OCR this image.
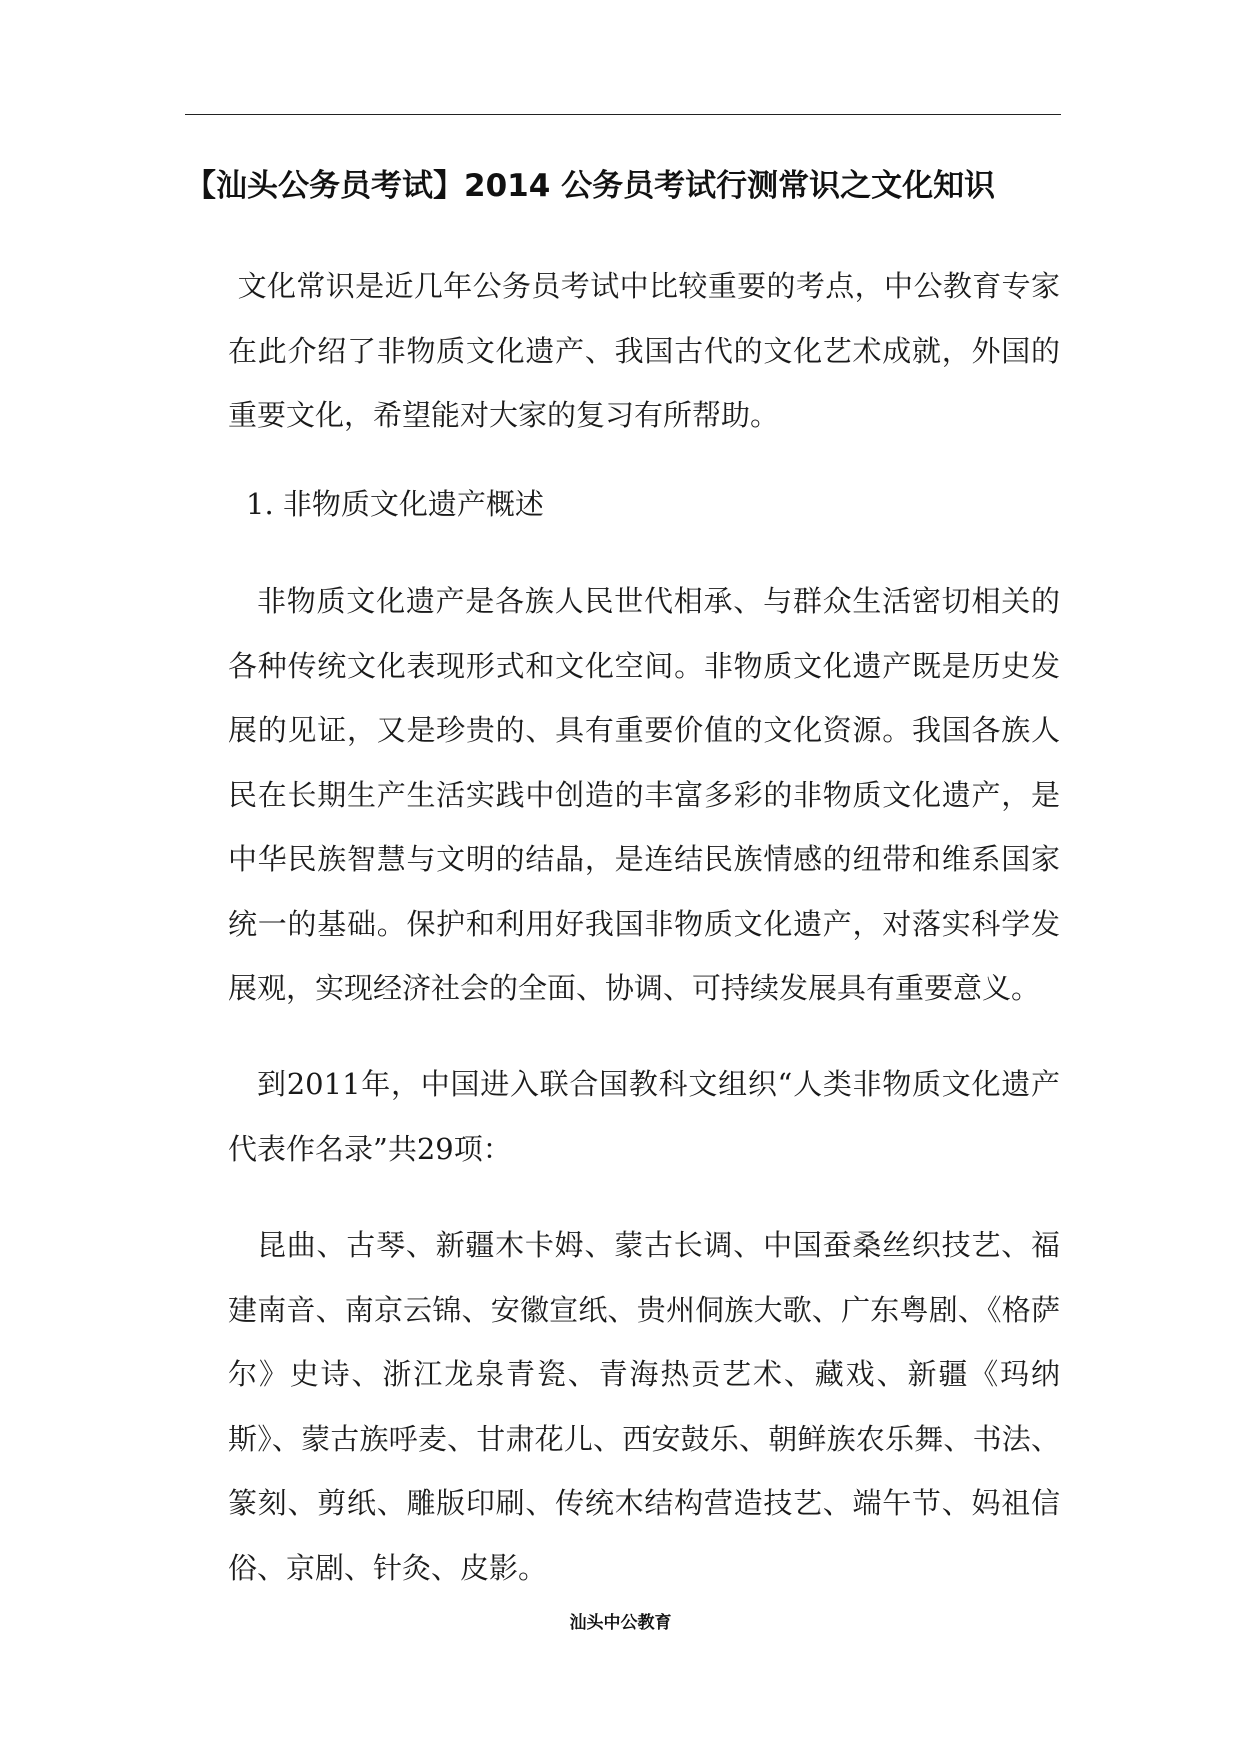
【汕头公务员考试】2014 公务员考试行测常识之文化知识

文化常识是近几年公务员考试中比较重要的考点，中公教育专家在此介绍了非物质文化遗产、我国古代的文化艺术成就，外国的重要文化，希望能对大家的复习有所帮助。

1. 非物质文化遗产概述

非物质文化遗产是各族人民世代相承、与群众生活密切相关的各种传统文化表现形式和文化空间。非物质文化遗产既是历史发展的见证，又是珍贵的、具有重要价值的文化资源。我国各族人民在长期生产生活实践中创造的丰富多彩的非物质文化遗产，是中华民族智慧与文明的结晶，是连结民族情感的纽带和维系国家统一的基础。保护和利用好我国非物质文化遗产，对落实科学发展观，实现经济社会的全面、协调、可持续发展具有重要意义。

到2011年，中国进入联合国教科文组织“人类非物质文化遗产代表作名录”共29项：

昆曲、古琴、新疆木卡姆、蒙古长调、中国蚕桑丝织技艺、福建南音、南京云锦、安徽宣纸、贵州侗族大歌、广东粤剧、《格萨尔》史诗、浙江龙泉青瓷、青海热贡艺术、藏戏、新疆《玛纳斯》、蒙古族呼麦、甘肃花儿、西安鼓乐、朝鲜族农乐舞、书法、篆刻、剪纸、雕版印刷、传统木结构营造技艺、端午节、妈祖信俗、京剧、针灸、皮影。

汕头中公教育
